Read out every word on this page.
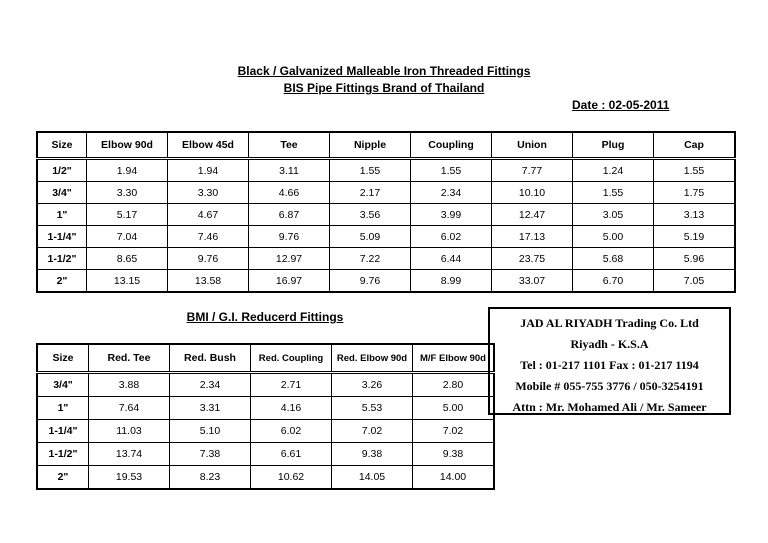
Black / Galvanized Malleable Iron Threaded Fittings
BIS Pipe Fittings Brand of Thailand
Date : 02-05-2011
Size	Elbow 90d	Elbow 45d	Tee	Nipple	Coupling	Union	Plug	Cap
1/2"	1.94	1.94	3.11	1.55	1.55	7.77	1.24	1.55
3/4"	3.30	3.30	4.66	2.17	2.34	10.10	1.55	1.75
1"	5.17	4.67	6.87	3.56	3.99	12.47	3.05	3.13
1-1/4"	7.04	7.46	9.76	5.09	6.02	17.13	5.00	5.19
1-1/2"	8.65	9.76	12.97	7.22	6.44	23.75	5.68	5.96
2"	13.15	13.58	16.97	9.76	8.99	33.07	6.70	7.05
BMI / G.I. Reducerd Fittings
Size	Red. Tee	Red. Bush	Red. Coupling	Red. Elbow 90d	M/F Elbow 90d
3/4"	3.88	2.34	2.71	3.26	2.80
1"	7.64	3.31	4.16	5.53	5.00
1-1/4"	11.03	5.10	6.02	7.02	7.02
1-1/2"	13.74	7.38	6.61	9.38	9.38
2"	19.53	8.23	10.62	14.05	14.00
JAD AL RIYADH Trading Co. Ltd
Riyadh - K.S.A
Tel : 01-217 1101 Fax : 01-217 1194
Mobile # 055-755 3776 / 050-3254191
Attn : Mr. Mohamed Ali / Mr. Sameer
